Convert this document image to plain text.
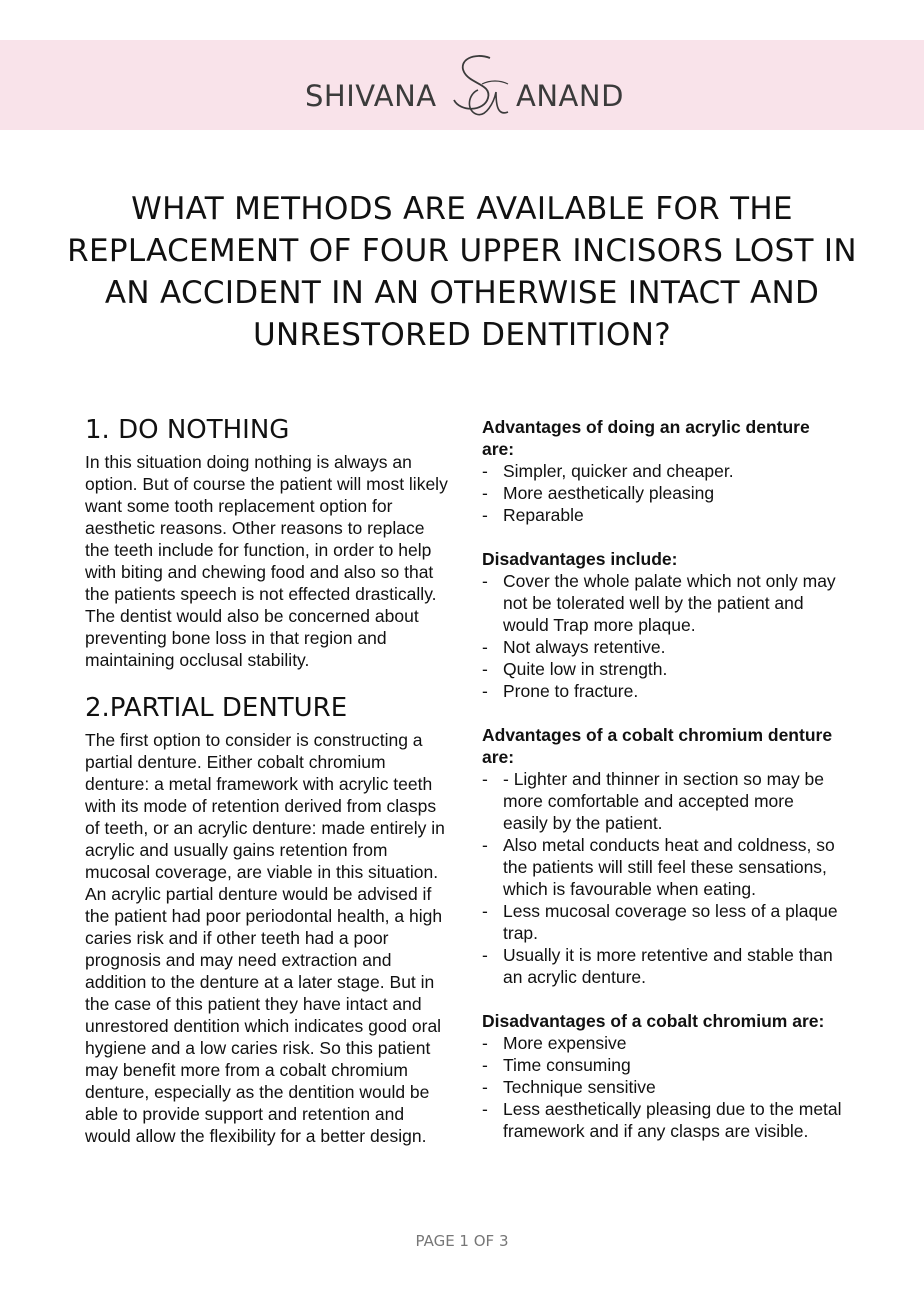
SHIVANA	ANAND
WHAT METHODS ARE AVAILABLE FOR THE REPLACEMENT OF FOUR UPPER INCISORS LOST IN AN ACCIDENT IN AN OTHERWISE INTACT AND UNRESTORED DENTITION?
1. DO NOTHING

In this situation doing nothing is always an option. But of course the patient will most likely want some tooth replacement option for aesthetic reasons. Other reasons to replace the teeth include for function, in order to help with biting and chewing food and also so that the patients speech is not effected drastically. The dentist would also be concerned about preventing bone loss in that region and maintaining occlusal stability.

2.PARTIAL DENTURE

The first option to consider is constructing a partial denture. Either cobalt chromium denture: a metal framework with acrylic teeth with its mode of retention derived from clasps of teeth, or an acrylic denture: made entirely in acrylic and usually gains retention from mucosal coverage, are viable in this situation. An acrylic partial denture would be advised if the patient had poor periodontal health, a high caries risk and if other teeth had a poor prognosis and may need extraction and addition to the denture at a later stage. But in the case of this patient they have intact and unrestored dentition which indicates good oral hygiene and a low caries risk. So this patient may benefit more from a cobalt chromium denture, especially as the dentition would be able to provide support and retention and would allow the flexibility for a better design.

Advantages of doing an acrylic denture are:

- Simpler, quicker and cheaper.
- More aesthetically pleasing
- Reparable

Disadvantages include:

- Cover the whole palate which not only may not be tolerated well by the patient and would Trap more plaque.
- Not always retentive.
- Quite low in strength.
- Prone to fracture.

Advantages of a cobalt chromium denture are:

- - Lighter and thinner in section so may be more comfortable and accepted more easily by the patient.
- Also metal conducts heat and coldness, so the patients will still feel these sensations, which is favourable when eating.
- Less mucosal coverage so less of a plaque trap.
- Usually it is more retentive and stable than an acrylic denture.

Disadvantages of a cobalt chromium are:

- More expensive
- Time consuming
- Technique sensitive
- Less aesthetically pleasing due to the metal framework and if any clasps are visible.
PAGE 1 OF 3
